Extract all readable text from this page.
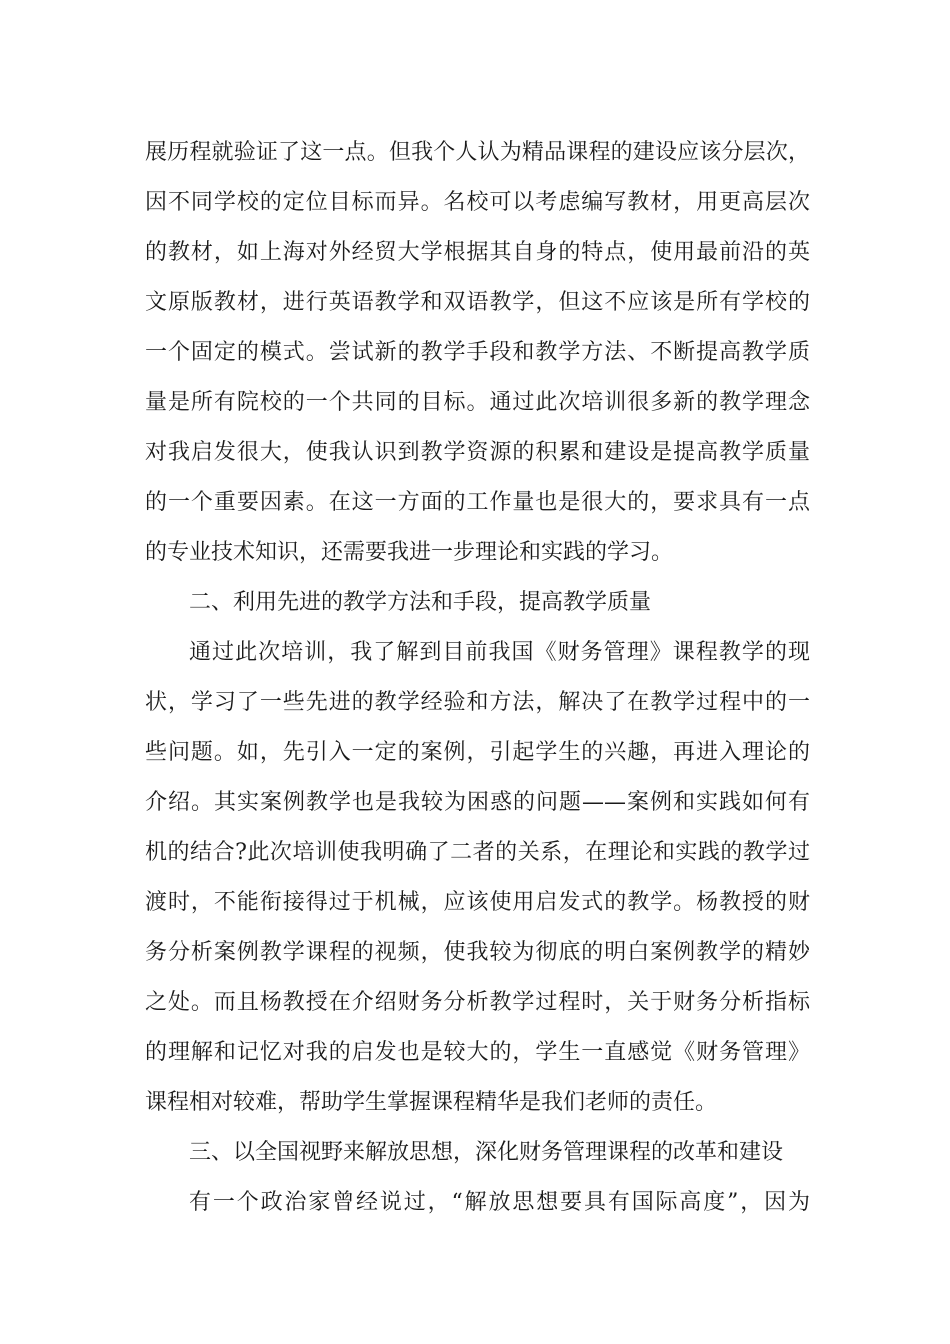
展历程就验证了这一点。但我个人认为精品课程的建设应该分层次，
因不同学校的定位目标而异。名校可以考虑编写教材，用更高层次
的教材，如上海对外经贸大学根据其自身的特点，使用最前沿的英
文原版教材，进行英语教学和双语教学，但这不应该是所有学校的
一个固定的模式。尝试新的教学手段和教学方法、不断提高教学质
量是所有院校的一个共同的目标。通过此次培训很多新的教学理念
对我启发很大，使我认识到教学资源的积累和建设是提高教学质量
的一个重要因素。在这一方面的工作量也是很大的，要求具有一点
的专业技术知识，还需要我进一步理论和实践的学习。
二、利用先进的教学方法和手段，提高教学质量
通过此次培训，我了解到目前我国《财务管理》课程教学的现
状，学习了一些先进的教学经验和方法，解决了在教学过程中的一
些问题。如，先引入一定的案例，引起学生的兴趣，再进入理论的
介绍。其实案例教学也是我较为困惑的问题——案例和实践如何有
机的结合?此次培训使我明确了二者的关系，在理论和实践的教学过
渡时，不能衔接得过于机械，应该使用启发式的教学。杨教授的财
务分析案例教学课程的视频，使我较为彻底的明白案例教学的精妙
之处。而且杨教授在介绍财务分析教学过程时，关于财务分析指标
的理解和记忆对我的启发也是较大的，学生一直感觉《财务管理》
课程相对较难，帮助学生掌握课程精华是我们老师的责任。
三、以全国视野来解放思想，深化财务管理课程的改革和建设
有一个政治家曾经说过，“解放思想要具有国际高度”，因为
